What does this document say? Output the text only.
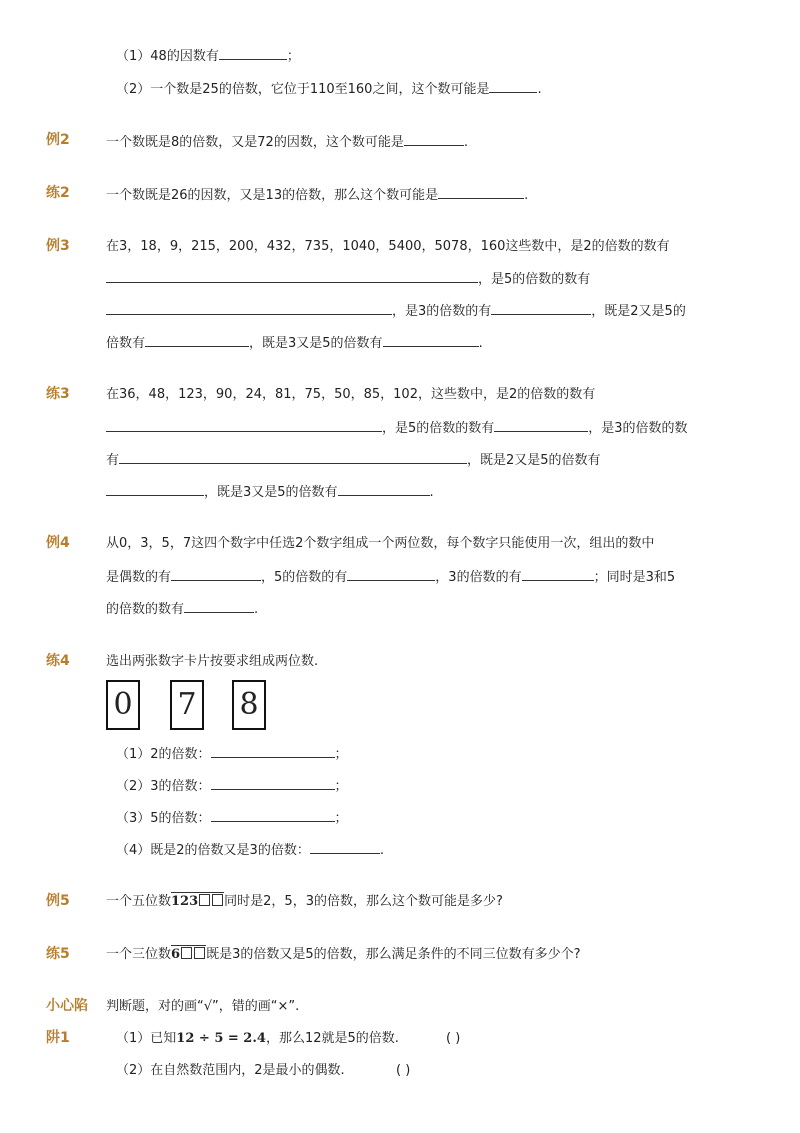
（1）48的因数有	；
（2）一个数是25的倍数，它位于110至160之间，这个数可能是	.
例2	一个数既是8的倍数，又是72的因数，这个数可能是	.
练2	一个数既是26的因数，又是13的倍数，那么这个数可能是	.
例3	在3，18，9，215，200，432，735，1040，5400，5078，160这些数中，是2的倍数的数有
，是5的倍数的数有
，是3的倍数的有	，既是2又是5的
倍数有	，既是3又是5的倍数有	.
练3	在36，48，123，90，24，81，75，50，85，102，这些数中，是2的倍数的数有
，是5的倍数的数有	，是3的倍数的数
有	，既是2又是5的倍数有
，既是3又是5的倍数有	.
例4	从0，3，5，7这四个数字中任选2个数字组成一个两位数，每个数字只能使用一次，组出的数中
是偶数的有	，5的倍数的有	，3的倍数的有	；同时是3和5
的倍数的数有	.
练4	选出两张数字卡片按要求组成两位数.
0 7 8
（1）2的倍数：	；
（2）3的倍数：	；
（3）5的倍数：	；
（4）既是2的倍数又是3的倍数：	.
例5	一个五位数123 同时是2，5，3的倍数，那么这个数可能是多少?
练5	一个三位数6 既是3的倍数又是5的倍数，那么满足条件的不同三位数有多少个?
小心陷
阱1
判断题，对的画“√”，错的画“×”.
（1）已知12 ÷ 5 = 2.4，那么12就是5的倍数.	( )
（2）在自然数范围内，2是最小的偶数.	( )
